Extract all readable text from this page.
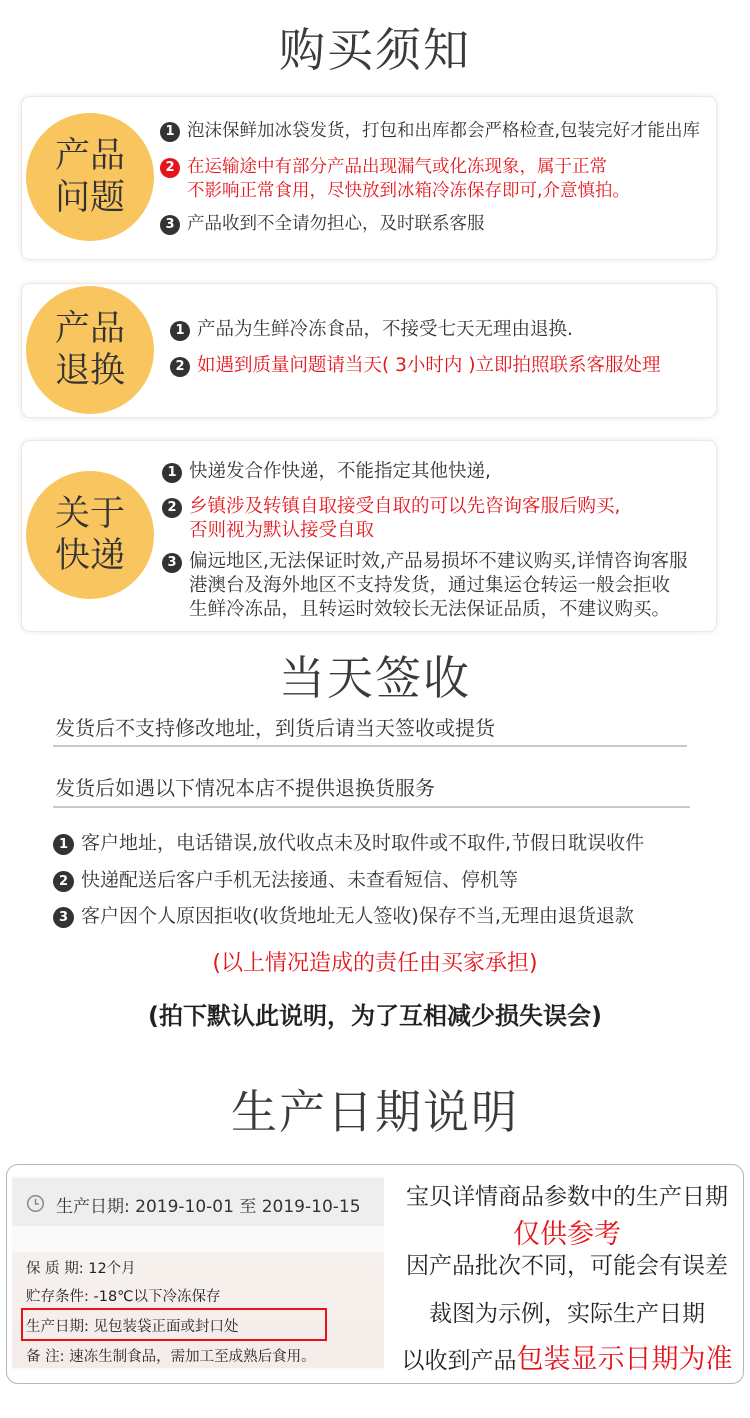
购买须知
产品
问题
1 泡沫保鲜加冰袋发货，打包和出库都会严格检查,包装完好才能出库
2 在运输途中有部分产品出现漏气或化冻现象，属于正常
不影响正常食用，尽快放到冰箱冷冻保存即可,介意慎拍。
3 产品收到不全请勿担心，及时联系客服
产品
退换
1 产品为生鲜冷冻食品，不接受七天无理由退换.
2 如遇到质量问题请当天( 3小时内 )立即拍照联系客服处理
关于
快递
1 快递发合作快递，不能指定其他快递,
2 乡镇涉及转镇自取接受自取的可以先咨询客服后购买,
否则视为默认接受自取
3 偏远地区,无法保证时效,产品易损坏不建议购买,详情咨询客服
港澳台及海外地区不支持发货，通过集运仓转运一般会拒收
生鲜冷冻品，且转运时效较长无法保证品质，不建议购买。
当天签收
发货后不支持修改地址，到货后请当天签收或提货
发货后如遇以下情况本店不提供退换货服务
1 客户地址，电话错误,放代收点未及时取件或不取件,节假日耽误收件
2 快递配送后客户手机无法接通、未查看短信、停机等
3 客户因个人原因拒收(收货地址无人签收)保存不当,无理由退货退款
(以上情况造成的责任由买家承担)
(拍下默认此说明，为了互相减少损失误会)
生产日期说明
生产日期: 2019-10-01 至 2019-10-15
保 质 期: 12个月
贮存条件: -18℃以下冷冻保存
生产日期: 见包装袋正面或封口处
备 注: 速冻生制食品，需加工至成熟后食用。
宝贝详情商品参数中的生产日期
仅供参考
因产品批次不同，可能会有误差
裁图为示例，实际生产日期
以收到产品包装显示日期为准
